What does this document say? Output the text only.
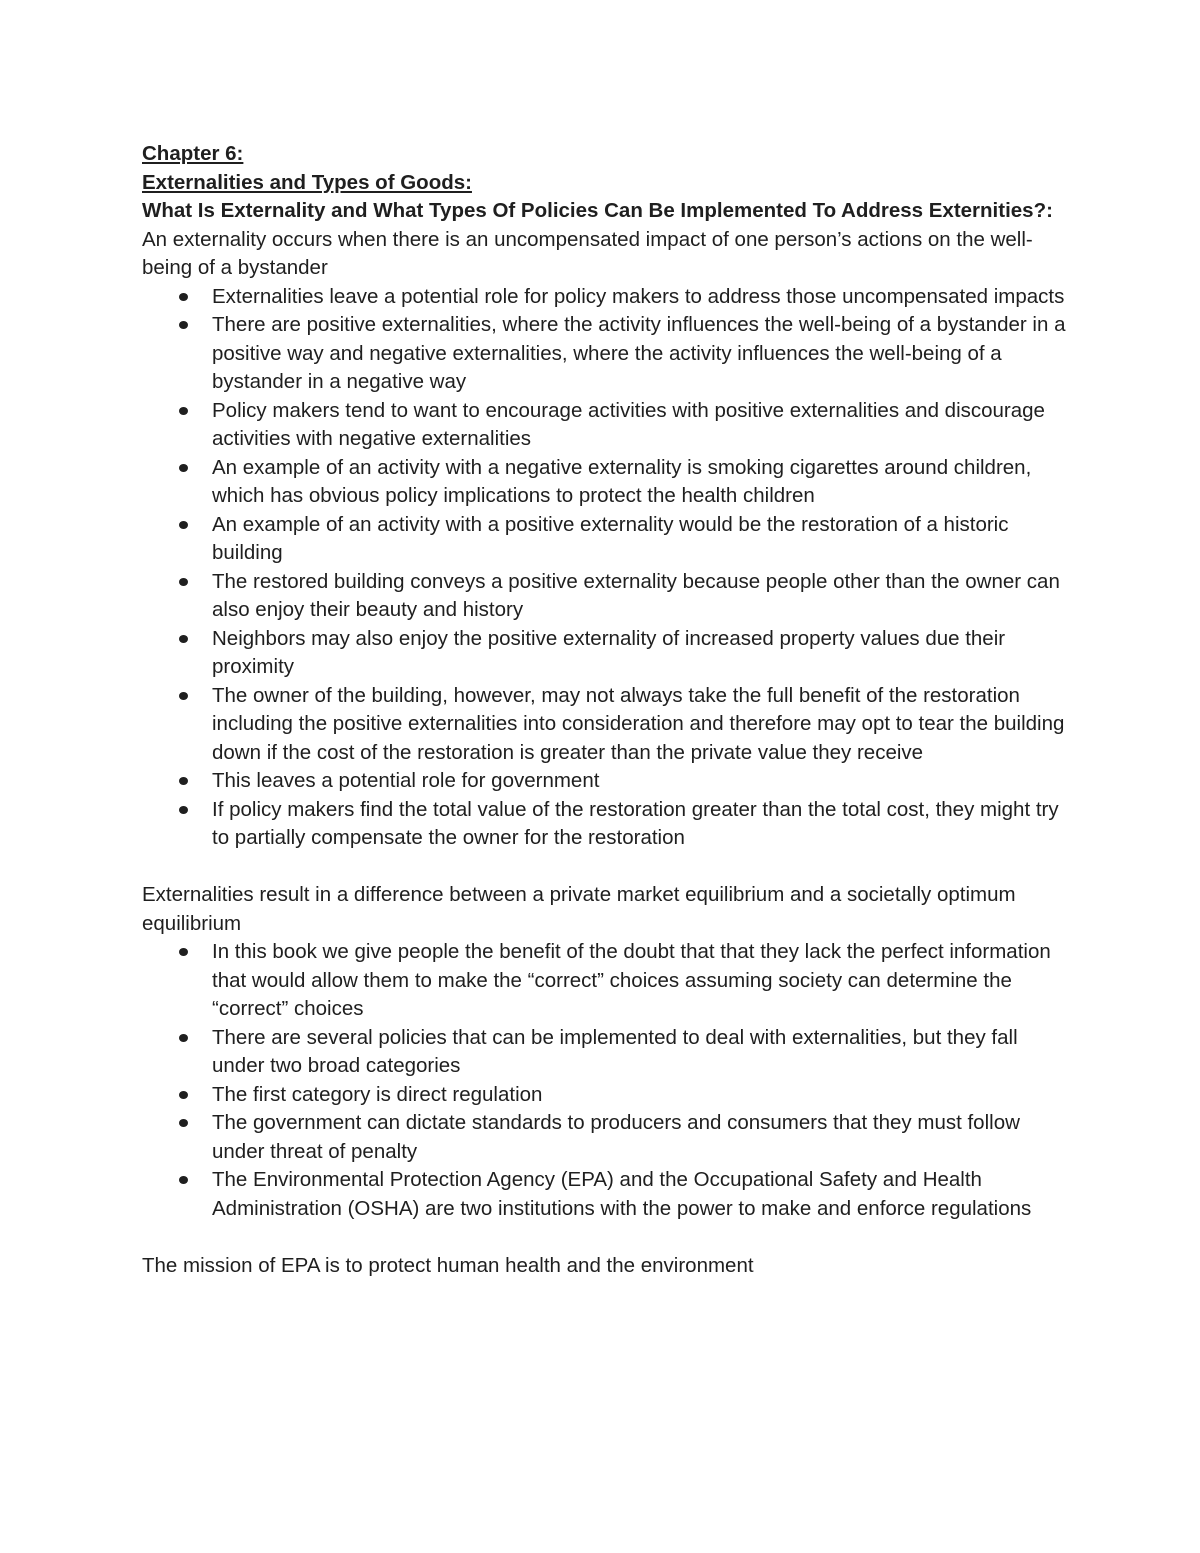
Chapter 6:

Externalities and Types of Goods:

What Is Externality and What Types Of Policies Can Be Implemented To Address Externities?:

An externality occurs when there is an uncompensated impact of one person’s actions on the well-being of a bystander

Externalities leave a potential role for policy makers to address those uncompensated impacts
There are positive externalities, where the activity influences the well-being of a bystander in a positive way and negative externalities, where the activity influences the well-being of a bystander in a negative way
Policy makers tend to want to encourage activities with positive externalities and discourage activities with negative externalities
An example of an activity with a negative externality is smoking cigarettes around children, which has obvious policy implications to protect the health children
An example of an activity with a positive externality would be the restoration of a historic building
The restored building conveys a positive externality because people other than the owner can also enjoy their beauty and history
Neighbors may also enjoy the positive externality of increased property values due their proximity
The owner of the building, however, may not always take the full benefit of the restoration including the positive externalities into consideration and therefore may opt to tear the building down if the cost of the restoration is greater than the private value they receive
This leaves a potential role for government
If policy makers find the total value of the restoration greater than the total cost, they might try to partially compensate the owner for the restoration

Externalities result in a difference between a private market equilibrium and a societally optimum equilibrium

In this book we give people the benefit of the doubt that that they lack the perfect information that would allow them to make the “correct” choices assuming society can determine the “correct” choices
There are several policies that can be implemented to deal with externalities, but they fall under two broad categories
The first category is direct regulation
The government can dictate standards to producers and consumers that they must follow under threat of penalty
The Environmental Protection Agency (EPA) and the Occupational Safety and Health Administration (OSHA) are two institutions with the power to make and enforce regulations

The mission of EPA is to protect human health and the environment
